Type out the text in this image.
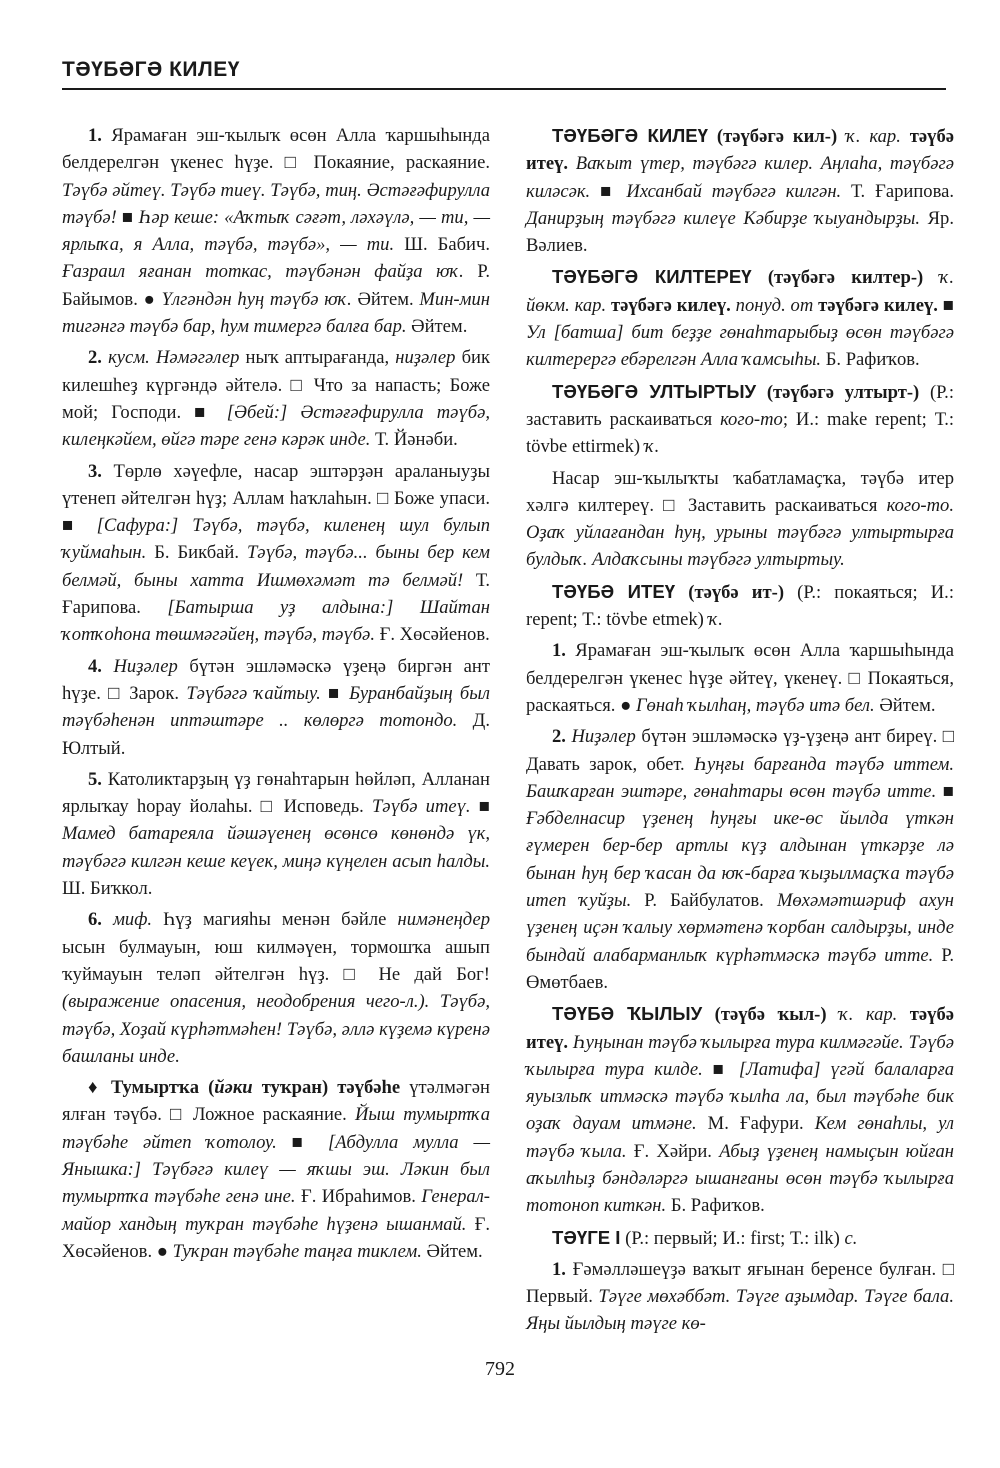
ТӘҮБӘГӘ КИЛЕҮ

1. Ярамаған эш-ҡылыҡ өсөн Алла ҡаршыһында белдерелгән үкенес һүҙе. □ Покаяние, раскаяние. Тәүбә әйтеү. Тәүбә тиеү. Тәүбә, тиң. Әстәғәфирулла тәүбә! ■ Һәр кеше: «Аҡтыҡ сәғәт, ләхәүлә, — ти, — ярлыҡа, я Алла, тәүбә, тәүбә», — ти. Ш. Бабич. Ғазраил яғанан тоткас, тәүбәнән файҙа юҡ. Р. Байымов. ● Үлгәндән һуң тәүбә юҡ. Әйтем. Мин-мин тигәнгә тәүбә бар, һум тимергә балға бар. Әйтем.

2. кусм. Нәмәгәлер ныҡ аптырағанда, ниҙәлер бик килешһеҙ күргәндә әйтелә. □ Что за напасть; Боже мой; Господи. ■ [Әбей:] Әстәғәфирулла тәүбә, килеңкәйем, өйгә тәре генә кәрәк инде. Т. Йәнәби.

3. Төрлө хәүефле, насар эштәрҙән араланыуҙы үтенеп әйтелгән һүҙ; Аллам һаҡлаһын. □ Боже упаси. ■ [Сафура:] Тәүбә, тәүбә, киленең шул булып ҡуймаһын. Б. Бикбай. Тәүбә, тәүбә... быны бер кем белмәй, быны хатта Ишмөхәмәт тә белмәй! Т. Ғарипова. [Батырша уҙ алдына:] Шайтан ҡотҡоһона төшмәгәйең, тәүбә, тәүбә. Ғ. Хөсәйенов.

4. Ниҙәлер бүтән эшләмәскә үҙеңә биргән ант һүҙе. □ Зарок. Тәүбәгә ҡайтыу. ■ Буранбайҙың был тәүбәһенән иптәштәре .. көлөргә тотондо. Д. Юлтый.

5. Католиктарҙың үҙ гөнаһтарын һөйләп, Алланан ярлыҡау һорау йолаһы. □ Исповедь. Тәүбә итеү. ■ Мамед батареяла йәшәүенең өсөнсө көнөндә үк, тәүбәгә килгән кеше кеүек, миңә күңелен асып һалды. Ш. Биҡкол.

6. миф. Һүҙ магияһы менән бәйле нимәнеңдер ысын булмауын, юш килмәүен, тормошҡа ашып ҡуймауын теләп әйтелгән һүҙ. □ Не дай Бог! (выражение опасения, неодобрения чего-л.). Тәүбә, тәүбә, Хоҙай күрһәтмәһен! Тәүбә, әллә күҙемә күренә башланы инде.

♦ Тумыртҡа (йәки туҡран) тәүбәһе үтәлмәгән ялған тәүбә. □ Ложное раскаяние. Йыш тумыртҡа тәүбәһе әйтеп ҡотолоу. ■ [Абдулла мулла — Янышка:] Тәүбәгә килеү — яҡшы эш. Ләкин был тумыртҡа тәүбәһе генә ине. Ғ. Ибраһимов. Генерал-майор хандың туҡран тәүбәһе һүҙенә ышанмай. Ғ. Хөсәйенов. ● Туҡран тәүбәһе таңға тиклем. Әйтем.

ТӘҮБӘГӘ КИЛЕҮ (тәүбәгә кил-) ҡ. кар. тәүбә итеү. Ваҡыт үтер, тәүбәгә килер. Аңлаһа, тәүбәгә киләсәк. ■ Ихсанбай тәүбәгә килгән. Т. Ғарипова. Данирҙың тәүбәгә килеүе Кәбирҙе ҡыуандырҙы. Яр. Вәлиев.

ТӘҮБӘГӘ КИЛТЕРЕҮ (тәүбәгә килтер-) ҡ. йөкм. кар. тәүбәгә килеү. понуд. от тәүбәгә килеү. ■ Ул [батша] бит беҙҙе гөнаһтарыбыҙ өсөн тәүбәгә килтерергә ебәрелгән Алла ҡамсыһы. Б. Рафиҡов.

ТӘҮБӘГӘ УЛТЫРТЫУ (тәүбәгә ултырт-) (Р.: заставить раскаиваться кого-то; И.: make repent; Т.: tövbe ettirmek) ҡ.

Насар эш-ҡылыҡты ҡабатламаҫҡа, тәүбә итер хәлгә килтереү. □ Заставить раскаиваться кого-то. Оҙаҡ уйлағандан һуң, урыны тәүбәгә ултыртырға булдыҡ. Алдаҡсыны тәүбәгә ултыртыу.

ТӘҮБӘ ИТЕҮ (тәүбә ит-) (Р.: покаяться; И.: repent; Т.: tövbe etmek) ҡ.

1. Ярамаған эш-ҡылыҡ өсөн Алла ҡаршыһында белдерелгән үкенес һүҙе әйтеү, үкенеү. □ Покаяться, раскаяться. ● Гөнаһ ҡылһаң, тәүбә итә бел. Әйтем.

2. Ниҙәлер бүтән эшләмәскә үҙ-үҙеңә ант биреү. □ Давать зарок, обет. Һуңғы барғанда тәүбә иттем. Башҡарған эштәре, гөнаһтары өсөн тәүбә итте. ■ Ғәбделнасир үҙенең һуңғы ике-өс йылда үткән ғүмерен бер-бер артлы күҙ алдынан үткәрҙе лә бынан һуң бер ҡасан да юҡ-барға ҡыҙылмаҫҡа тәүбә итеп ҡуйҙы. Р. Байбулатов. Мөхәмәтшәриф ахун үҙенең иҫән ҡалыу хөрмәтенә ҡорбан салдырҙы, инде бындай алабарманлыҡ күрһәтмәскә тәүбә итте. Р. Өмөтбаев.

ТӘҮБӘ ҠЫЛЫУ (тәүбә ҡыл-) ҡ. кар. тәүбә итеү. Һуңынан тәүбә ҡылырға тура килмәгәйе. Тәүбә ҡылырға тура килде. ■ [Латифа] үгәй балаларға яуызлыҡ итмәскә тәүбә ҡылһа ла, был тәүбәһе бик оҙаҡ дауам итмәне. М. Ғафури. Кем гөнаһлы, ул тәүбә ҡыла. Ғ. Хәйри. Абыҙ үҙенең намыҫын юйған аҡылһыҙ бәндәләргә ышанғаны өсөн тәүбә ҡылырға тотоноп киткән. Б. Рафиҡов.

ТӘҮГЕ I (Р.: первый; И.: first; Т.: ilk) с.

1. Ғәмәлләшеүҙә ваҡыт яғынан беренсе булған. □ Первый. Тәүге мөхәббәт. Тәүге аҙымдар. Тәүге бала. Яңы йылдың тәүге кө-

792
